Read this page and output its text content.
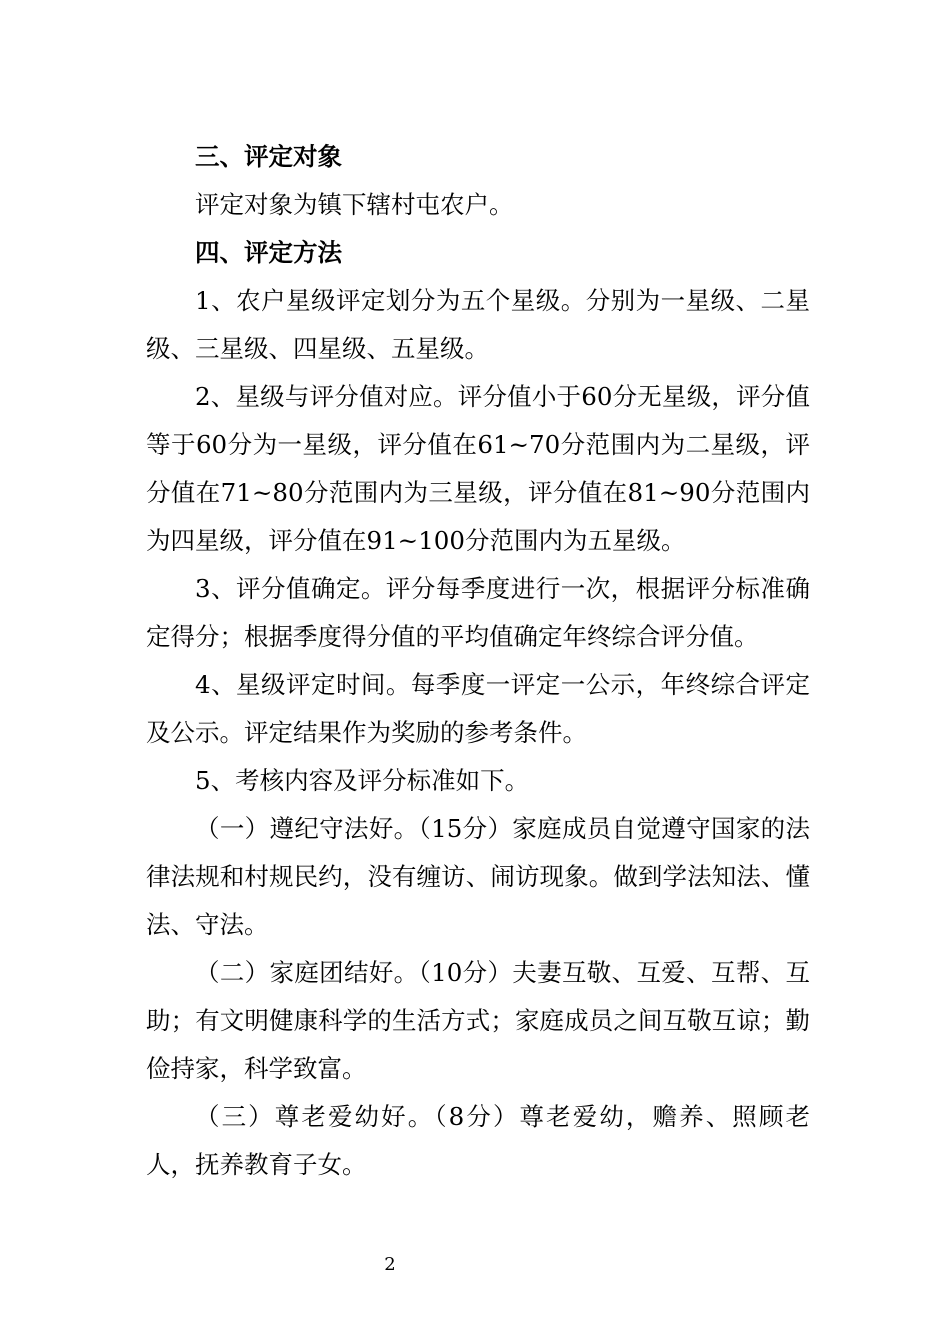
三、评定对象

评定对象为镇下辖村屯农户。

四、评定方法

1、农户星级评定划分为五个星级。分别为一星级、二星级、三星级、四星级、五星级。

2、星级与评分值对应。评分值小于60分无星级，评分值等于60分为一星级，评分值在61~70分范围内为二星级，评分值在71~80分范围内为三星级，评分值在81~90分范围内为四星级，评分值在91~100分范围内为五星级。

3、评分值确定。评分每季度进行一次，根据评分标准确定得分；根据季度得分值的平均值确定年终综合评分值。

4、星级评定时间。每季度一评定一公示，年终综合评定及公示。评定结果作为奖励的参考条件。

5、考核内容及评分标准如下。

（一）遵纪守法好。（15分）家庭成员自觉遵守国家的法律法规和村规民约，没有缠访、闹访现象。做到学法知法、懂法、守法。

（二）家庭团结好。（10分）夫妻互敬、互爱、互帮、互助；有文明健康科学的生活方式；家庭成员之间互敬互谅；勤俭持家，科学致富。

（三）尊老爱幼好。（8分）尊老爱幼，赡养、照顾老人，抚养教育子女。

2
